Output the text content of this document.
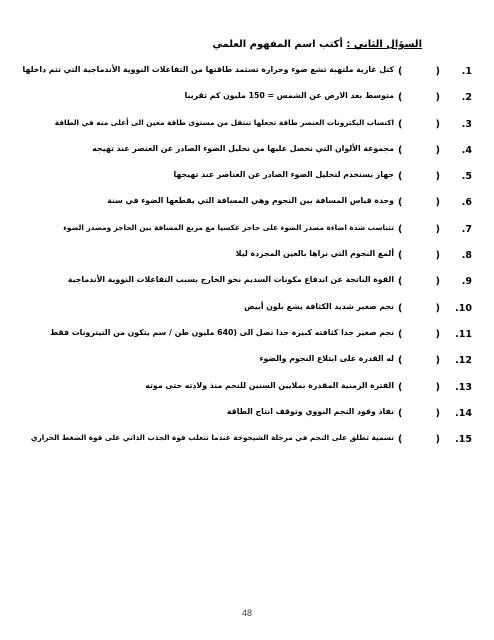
السؤال الثاني : أكتب اسم المفهوم العلمي
1.
(
)
كتل غازية ملتهبة تشع ضوء وحرارة تستمد طاقتها من التفاعلات النووية الأندماجية التي تتم داخلها
2.
(
)
متوسط بعد الارض عن الشمس = 150 مليون كم تقريبا
3.
(
)
اكتساب اليكترونات العنصر طاقة تجعلها تنتقل من مستوى طاقة معين الى أعلى منه في الطاقة
4.
(
)
مجموعة الألوان التي نحصل عليها من تحليل الضوء الصادر عن العنصر عند تهيجه
5.
(
)
جهاز يستخدم لتحليل الضوء الصادر عن العناصر عند تهيجها
6.
(
)
وحدة قياس المسافة بين النجوم وهي المسافة التي يقطعها الضوء في سنة
7.
(
)
تتناسب شدة اضاءة مصدر الضوء على حاجز عكسيا مع مربع المسافة بين الحاجز ومصدر الضوء
8.
(
)
ألمع النجوم التي نراها بالعين المجردة ليلا
9.
(
)
القوة الناتجة عن اندفاع مكونات السديم نحو الخارج بسبب التفاعلات النووية الأندماجية
10.
(
)
نجم صغير شديد الكثافة يشع بلون أبيض
11.
(
)
نجم صغير جدا كثافته كبيرة جدا تصل الى (640 مليون طن / سم يتكون من النيترونات فقط
12.
(
)
له القدرة على ابتلاع النجوم والضوء
13.
(
)
الفترة الزمنية المقدرة بملايين السنين للنجم منذ ولادته حتى موته
14.
(
)
نفاذ وقود النجم النووي وتوقف انتاج الطاقة
15.
(
)
تسمية تطلق على النجم في مرحلة الشيخوخة عندما تتغلب قوة الجذب الذاتي على قوة الضغط الحراري
48
